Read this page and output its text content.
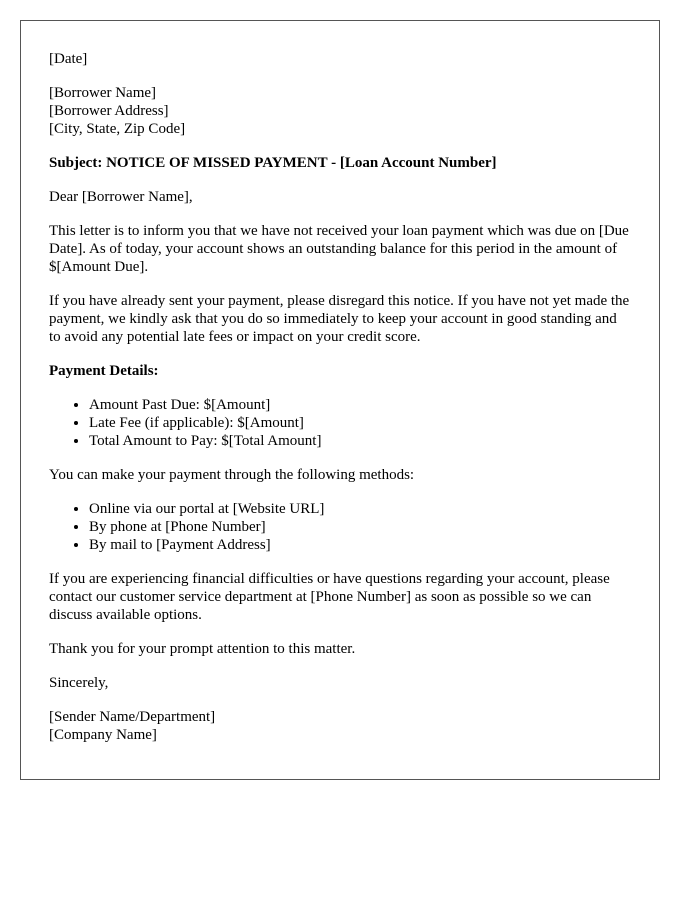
[Date]

[Borrower Name]
[Borrower Address]
[City, State, Zip Code]

Subject: NOTICE OF MISSED PAYMENT - [Loan Account Number]

Dear [Borrower Name],

This letter is to inform you that we have not received your loan payment which was due on [Due Date]. As of today, your account shows an outstanding balance for this period in the amount of $[Amount Due].

If you have already sent your payment, please disregard this notice. If you have not yet made the payment, we kindly ask that you do so immediately to keep your account in good standing and to avoid any potential late fees or impact on your credit score.

Payment Details:

• Amount Past Due: $[Amount]
• Late Fee (if applicable): $[Amount]
• Total Amount to Pay: $[Total Amount]

You can make your payment through the following methods:

• Online via our portal at [Website URL]
• By phone at [Phone Number]
• By mail to [Payment Address]

If you are experiencing financial difficulties or have questions regarding your account, please contact our customer service department at [Phone Number] as soon as possible so we can discuss available options.

Thank you for your prompt attention to this matter.

Sincerely,

[Sender Name/Department]
[Company Name]
